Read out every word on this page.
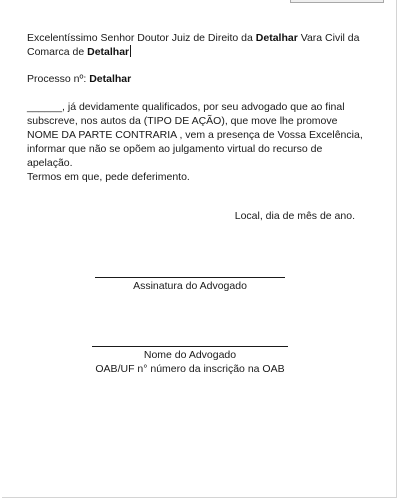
Excelentíssimo Senhor Doutor Juiz de Direito da Detalhar Vara Civil da Comarca de Detalhar

Processo nº: Detalhar

______, já devidamente qualificados, por seu advogado que ao final subscreve, nos autos da (TIPO DE AÇÃO), que move lhe promove NOME DA PARTE CONTRARIA , vem a presença de Vossa Excelência, informar que não se opõem ao julgamento virtual do recurso de apelação.

Termos em que, pede deferimento.

Local, dia de mês de ano.

Assinatura do Advogado

Nome do Advogado

OAB/UF n° número da inscrição na OAB
